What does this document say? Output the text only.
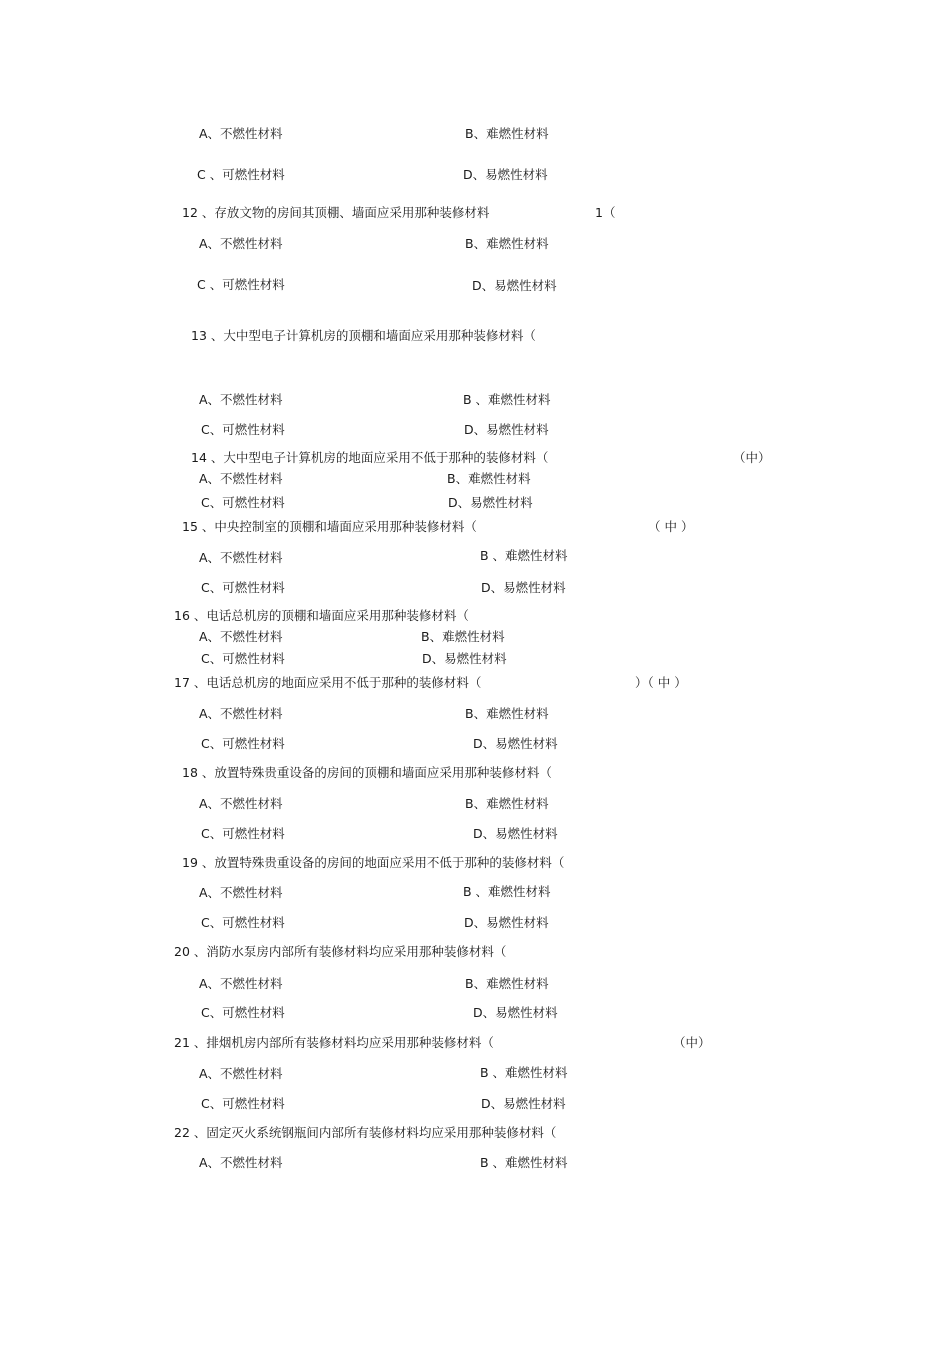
A、不燃性材料	B、难燃性材料
C 、可燃性材料	D、易燃性材料
12 、存放文物的房间其顶棚、墙面应采用那种装修材料	1（
A、不燃性材料	B、难燃性材料
C 、可燃性材料	D、易燃性材料
13 、大中型电子计算机房的顶棚和墙面应采用那种装修材料（
A、不燃性材料	B 、难燃性材料
C、可燃性材料	D、易燃性材料
14 、大中型电子计算机房的地面应采用不低于那种的装修材料（	（中）
A、不燃性材料	B、难燃性材料
C、可燃性材料	D、易燃性材料
15 、中央控制室的顶棚和墙面应采用那种装修材料（	（ 中 ）
A、不燃性材料	B 、难燃性材料
C、可燃性材料	D、易燃性材料
16 、电话总机房的顶棚和墙面应采用那种装修材料（
A、不燃性材料	B、难燃性材料
C、可燃性材料	D、易燃性材料
17 、电话总机房的地面应采用不低于那种的装修材料（	）（ 中 ）
A、不燃性材料	B、难燃性材料
C、可燃性材料	D、易燃性材料
18 、放置特殊贵重设备的房间的顶棚和墙面应采用那种装修材料（
A、不燃性材料	B、难燃性材料
C、可燃性材料	D、易燃性材料
19 、放置特殊贵重设备的房间的地面应采用不低于那种的装修材料（
A、不燃性材料	B 、难燃性材料
C、可燃性材料	D、易燃性材料
20 、消防水泵房内部所有装修材料均应采用那种装修材料（
A、不燃性材料	B、难燃性材料
C、可燃性材料	D、易燃性材料
21 、排烟机房内部所有装修材料均应采用那种装修材料（	（中）
A、不燃性材料	B 、难燃性材料
C、可燃性材料	D、易燃性材料
22 、固定灭火系统钢瓶间内部所有装修材料均应采用那种装修材料（
A、不燃性材料	B 、难燃性材料
